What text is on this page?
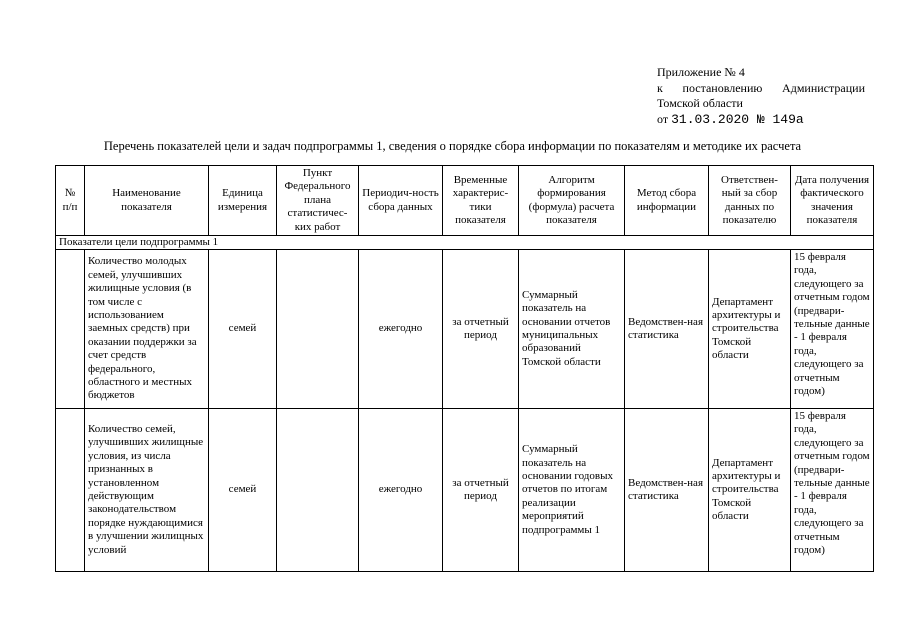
Приложение № 4
к постановлению Администрации
Томской области
от 31.03.2020 № 149а
Перечень показателей цели и задач подпрограммы 1, сведения о порядке сбора информации по показателям и методике их расчета
№ п/п	Наименование показателя	Единица измерения	Пункт Федерального плана статистичес-ких работ	Периодич-ность сбора данных	Временные характерис-тики показателя	Алгоритм формирования (формула) расчета показателя	Метод сбора информации	Ответствен-ный за сбор данных по показателю	Дата получения фактического значения показателя
Показатели цели подпрограммы 1									
	Количество молодых семей, улучшивших жилищные условия (в том числе с использованием заемных средств) при оказании поддержки за счет средств федерального, областного и местных бюджетов	семей		ежегодно	за отчетный период	Суммарный показатель на основании отчетов муниципальных образований Томской области	Ведомствен-ная статистика	Департамент архитектуры и строительства Томской области	15 февраля года, следующего за отчетным годом (предвари-тельные данные - 1 февраля года, следующего за отчетным годом)
	Количество семей, улучшивших жилищные условия, из числа признанных в установленном действующим законодательством порядке нуждающимися в улучшении жилищных условий	семей		ежегодно	за отчетный период	Суммарный показатель на основании годовых отчетов по итогам реализации мероприятий подпрограммы 1	Ведомствен-ная статистика	Департамент архитектуры и строительства Томской области	15 февраля года, следующего за отчетным годом (предвари-тельные данные - 1 февраля года, следующего за отчетным годом)
